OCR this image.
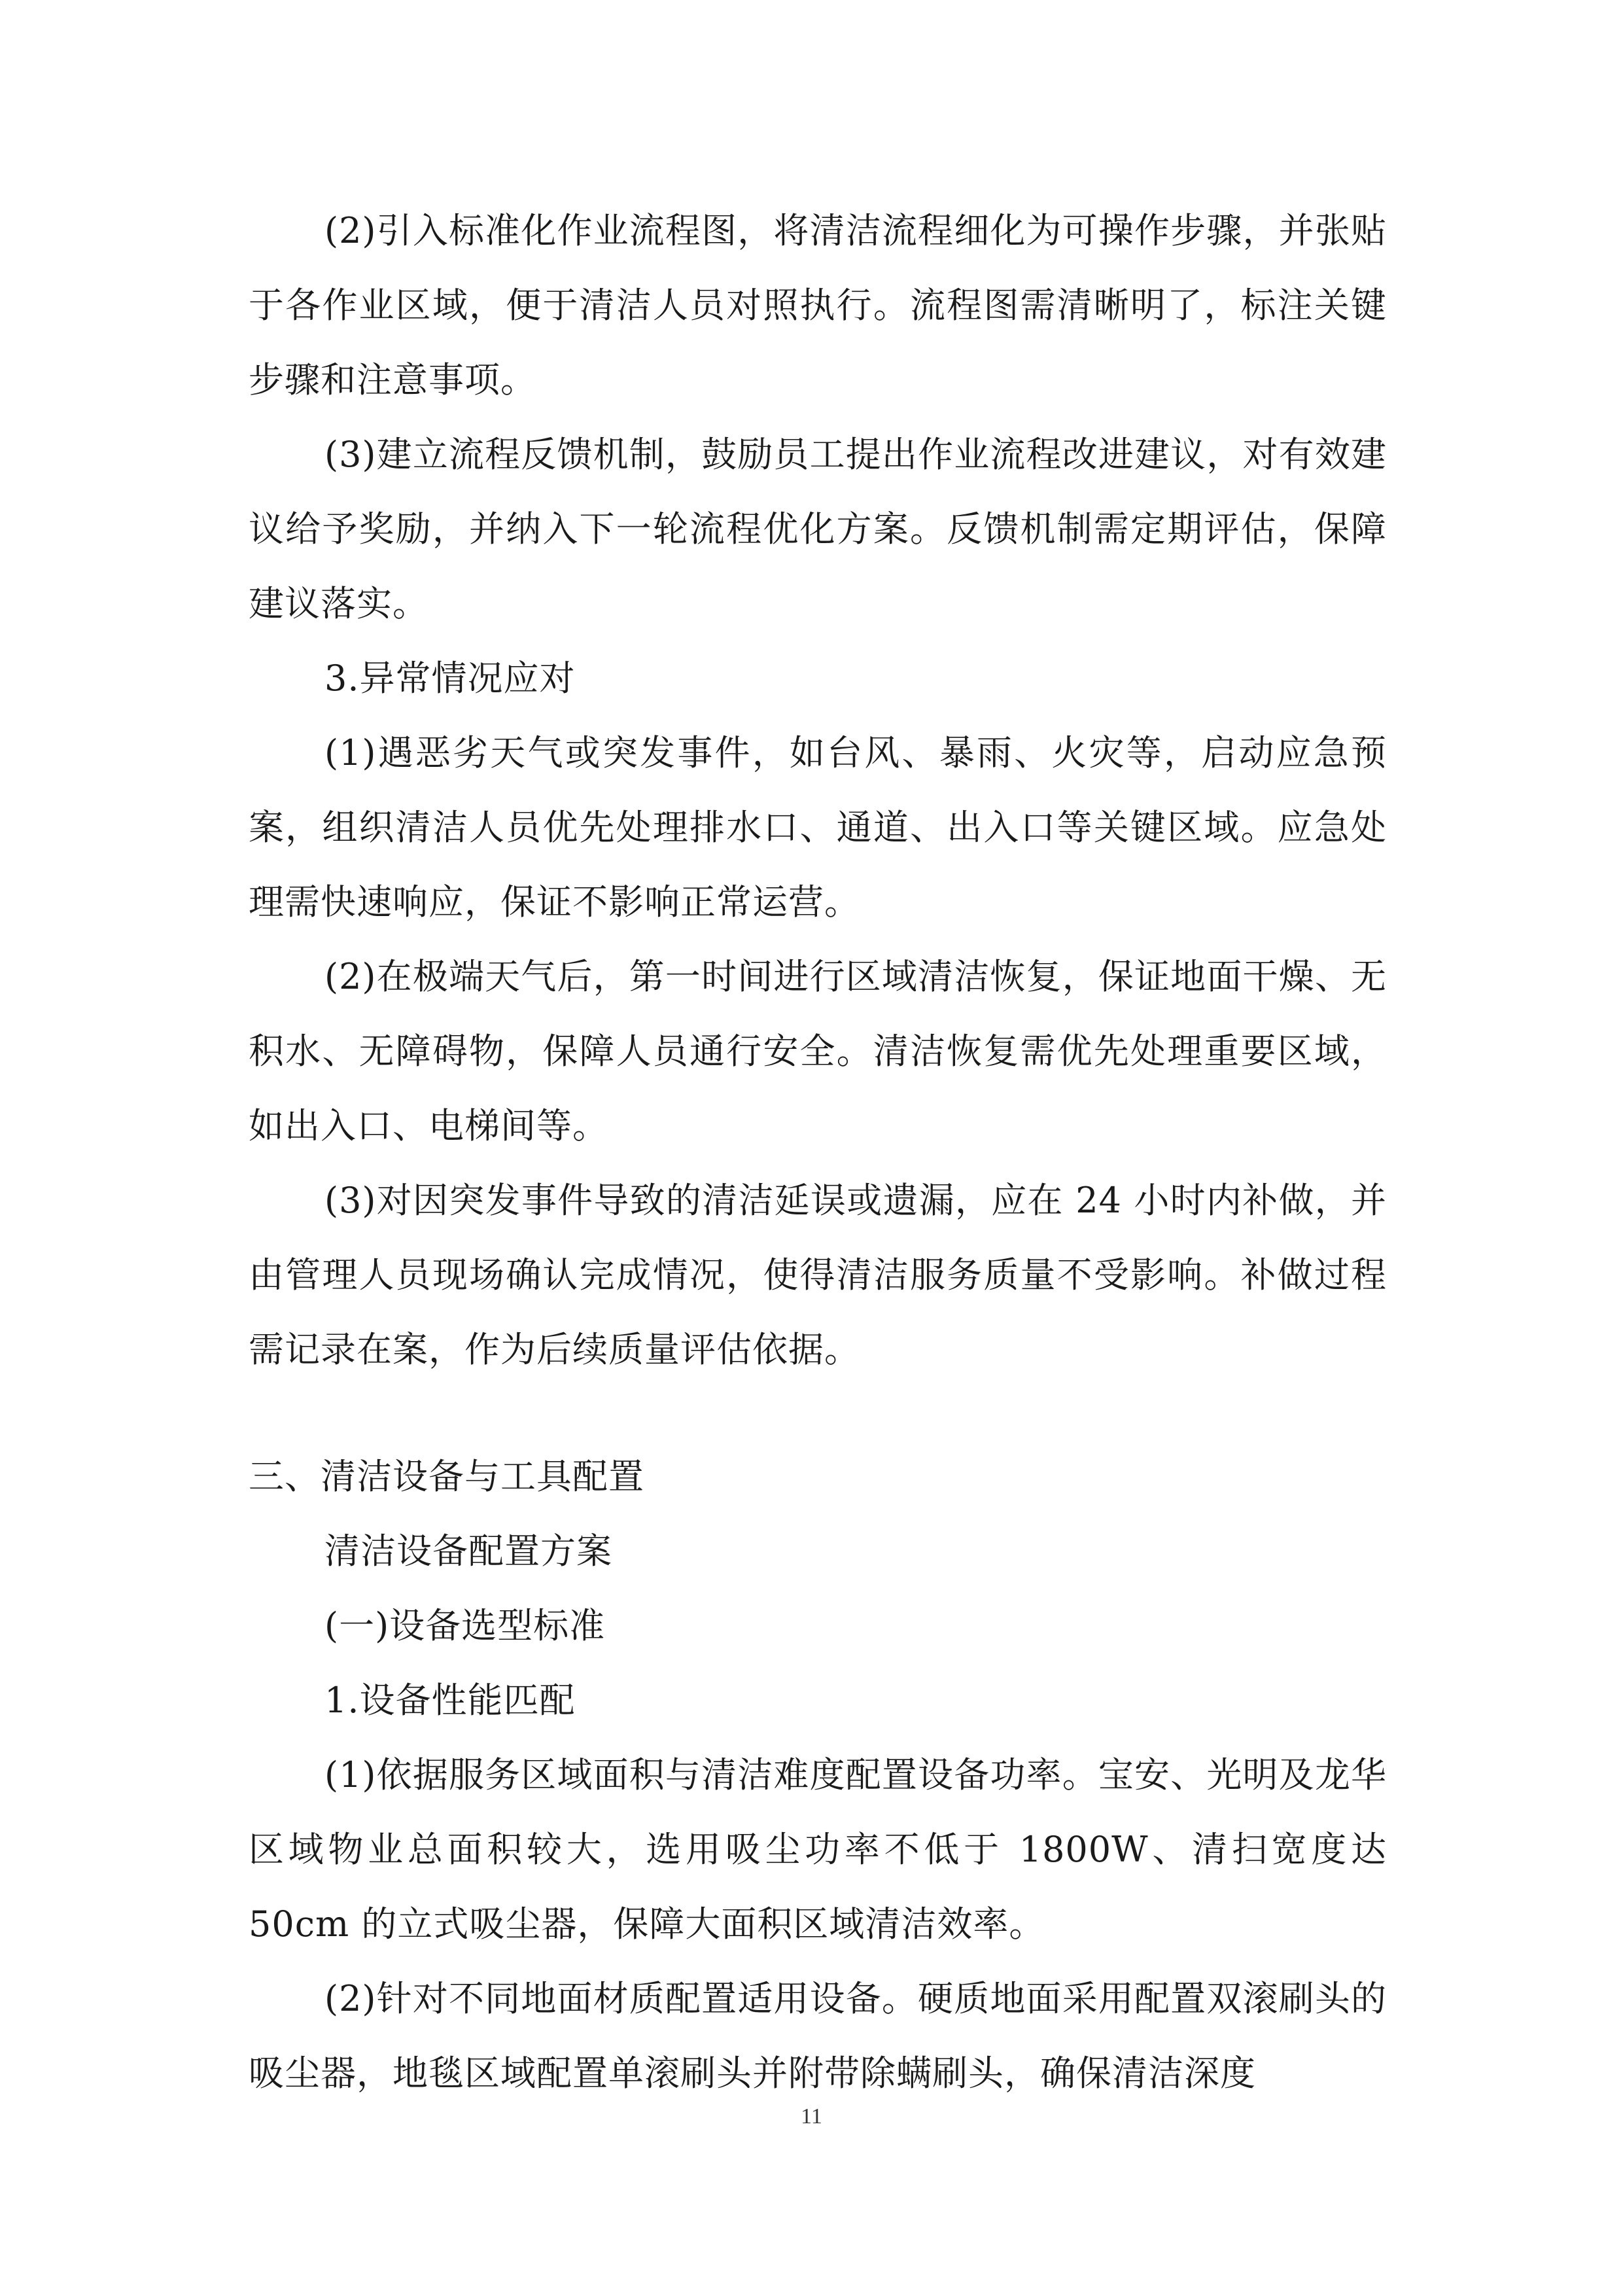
(2)引入标准化作业流程图，将清洁流程细化为可操作步骤，并张贴于各作业区域，便于清洁人员对照执行。流程图需清晰明了，标注关键步骤和注意事项。

(3)建立流程反馈机制，鼓励员工提出作业流程改进建议，对有效建议给予奖励，并纳入下一轮流程优化方案。反馈机制需定期评估，保障建议落实。

3.异常情况应对

(1)遇恶劣天气或突发事件，如台风、暴雨、火灾等，启动应急预案，组织清洁人员优先处理排水口、通道、出入口等关键区域。应急处理需快速响应，保证不影响正常运营。

(2)在极端天气后，第一时间进行区域清洁恢复，保证地面干燥、无积水、无障碍物，保障人员通行安全。清洁恢复需优先处理重要区域，如出入口、电梯间等。

(3)对因突发事件导致的清洁延误或遗漏，应在 24 小时内补做，并由管理人员现场确认完成情况，使得清洁服务质量不受影响。补做过程需记录在案，作为后续质量评估依据。

三、清洁设备与工具配置

清洁设备配置方案

(一)设备选型标准

1.设备性能匹配

(1)依据服务区域面积与清洁难度配置设备功率。宝安、光明及龙华区域物业总面积较大，选用吸尘功率不低于 1800W、清扫宽度达 50cm 的立式吸尘器，保障大面积区域清洁效率。

(2)针对不同地面材质配置适用设备。硬质地面采用配置双滚刷头的吸尘器，地毯区域配置单滚刷头并附带除螨刷头，确保清洁深度

11
